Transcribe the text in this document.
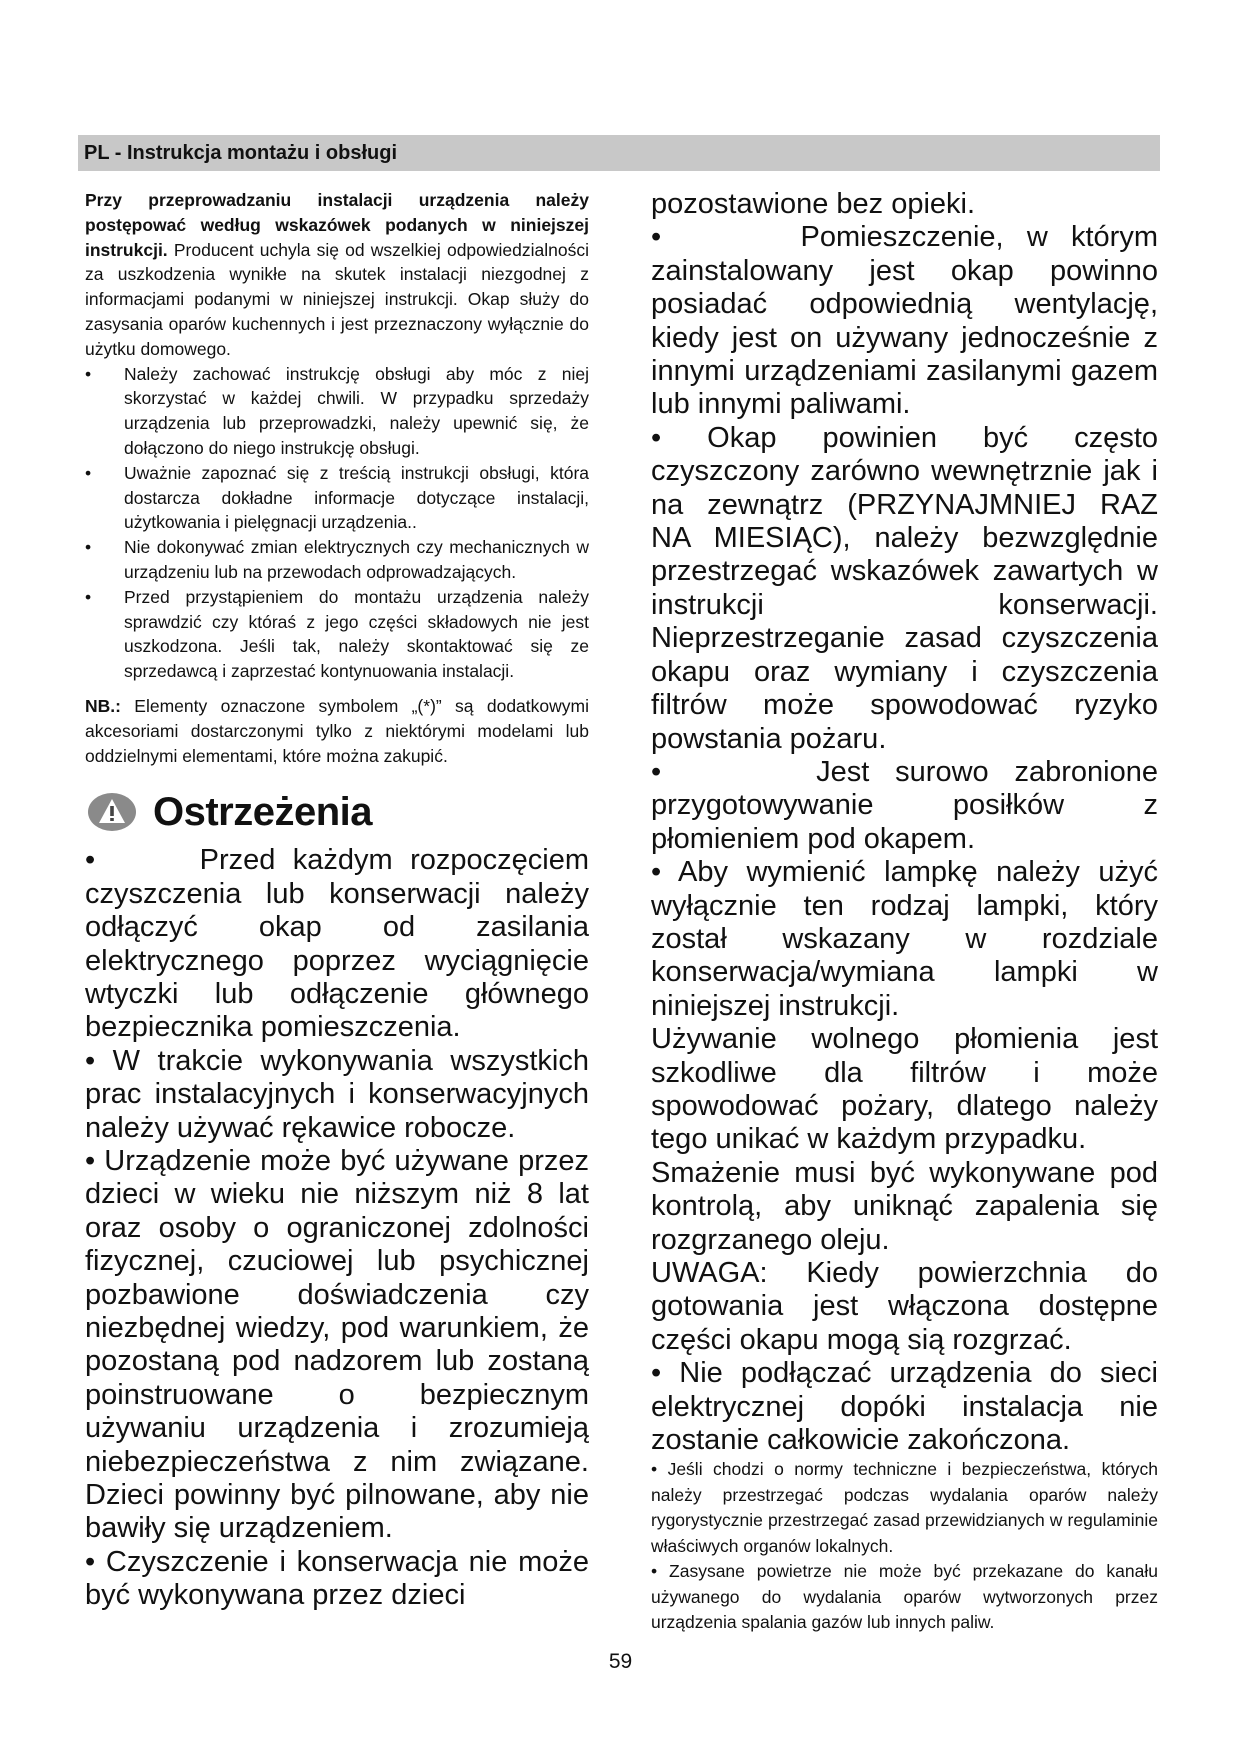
PL - Instrukcja montażu i obsługi

Przy przeprowadzaniu instalacji urządzenia należy postępować według wskazówek podanych w niniejszej instrukcji. Producent uchyla się od wszelkiej odpowiedzialności za uszkodzenia wynikłe na skutek instalacji niezgodnej z informacjami podanymi w niniejszej instrukcji. Okap służy do zasysania oparów kuchennych i jest przeznaczony wyłącznie do użytku domowego.

• Należy zachować instrukcję obsługi aby móc z niej skorzystać w każdej chwili. W przypadku sprzedaży urządzenia lub przeprowadzki, należy upewnić się, że dołączono do niego instrukcję obsługi.
• Uważnie zapoznać się z treścią instrukcji obsługi, która dostarcza dokładne informacje dotyczące instalacji, użytkowania i pielęgnacji urządzenia..
• Nie dokonywać zmian elektrycznych czy mechanicznych w urządzeniu lub na przewodach odprowadzających.
• Przed przystąpieniem do montażu urządzenia należy sprawdzić czy któraś z jego części składowych nie jest uszkodzona. Jeśli tak, należy skontaktować się ze sprzedawcą i zaprzestać kontynuowania instalacji.

NB.: Elementy oznaczone symbolem „(*)” są dodatkowymi akcesoriami dostarczonymi tylko z niektórymi modelami lub oddzielnymi elementami, które można zakupić.

Ostrzeżenia

•      Przed każdym rozpoczęciem czyszczenia lub konserwacji należy odłączyć okap od zasilania elektrycznego poprzez wyciągnięcie wtyczki lub odłączenie głównego bezpiecznika pomieszczenia.

• W trakcie wykonywania wszystkich prac instalacyjnych i konserwacyjnych należy używać rękawice robocze.

• Urządzenie może być używane przez dzieci w wieku nie niższym niż 8 lat oraz osoby o ograniczonej zdolności fizycznej, czuciowej lub psychicznej pozbawione doświadczenia czy niezbędnej wiedzy, pod warunkiem, że pozostaną pod nadzorem lub zostaną poinstruowane o bezpiecznym używaniu urządzenia i zrozumieją niebezpieczeństwa z nim związane. Dzieci powinny być pilnowane, aby nie bawiły się urządzeniem.

• Czyszczenie i konserwacja nie może być wykonywana przez dzieci

pozostawione bez opieki.

•      Pomieszczenie, w którym zainstalowany jest okap powinno posiadać odpowiednią wentylację, kiedy jest on używany jednocześnie z innymi urządzeniami zasilanymi gazem lub innymi paliwami.

• Okap powinien być często czyszczony zarówno wewnętrznie jak i na zewnątrz (PRZYNAJMNIEJ RAZ NA MIESIĄC), należy bezwzględnie przestrzegać wskazówek zawartych w instrukcji konserwacji. Nieprzestrzeganie zasad czyszczenia okapu oraz wymiany i czyszczenia filtrów może spowodować ryzyko powstania pożaru.

•      Jest surowo zabronione przygotowywanie posiłków z płomieniem pod okapem.

• Aby wymienić lampkę należy użyć wyłącznie ten rodzaj lampki, który został wskazany w rozdziale konserwacja/wymiana lampki w niniejszej instrukcji.

Używanie wolnego płomienia jest szkodliwe dla filtrów i może spowodować pożary, dlatego należy tego unikać w każdym przypadku.

Smażenie musi być wykonywane pod kontrolą, aby uniknąć zapalenia się rozgrzanego oleju.

UWAGA: Kiedy powierzchnia do gotowania jest włączona dostępne części okapu mogą sią rozgrzać.

• Nie podłączać urządzenia do sieci elektrycznej dopóki instalacja nie zostanie całkowicie zakończona.

• Jeśli chodzi o normy techniczne i bezpieczeństwa, których należy przestrzegać podczas wydalania oparów należy rygorystycznie przestrzegać zasad przewidzianych w regulaminie właściwych organów lokalnych.

• Zasysane powietrze nie może być przekazane do kanału używanego do wydalania oparów wytworzonych przez urządzenia spalania gazów lub innych paliw.

59
